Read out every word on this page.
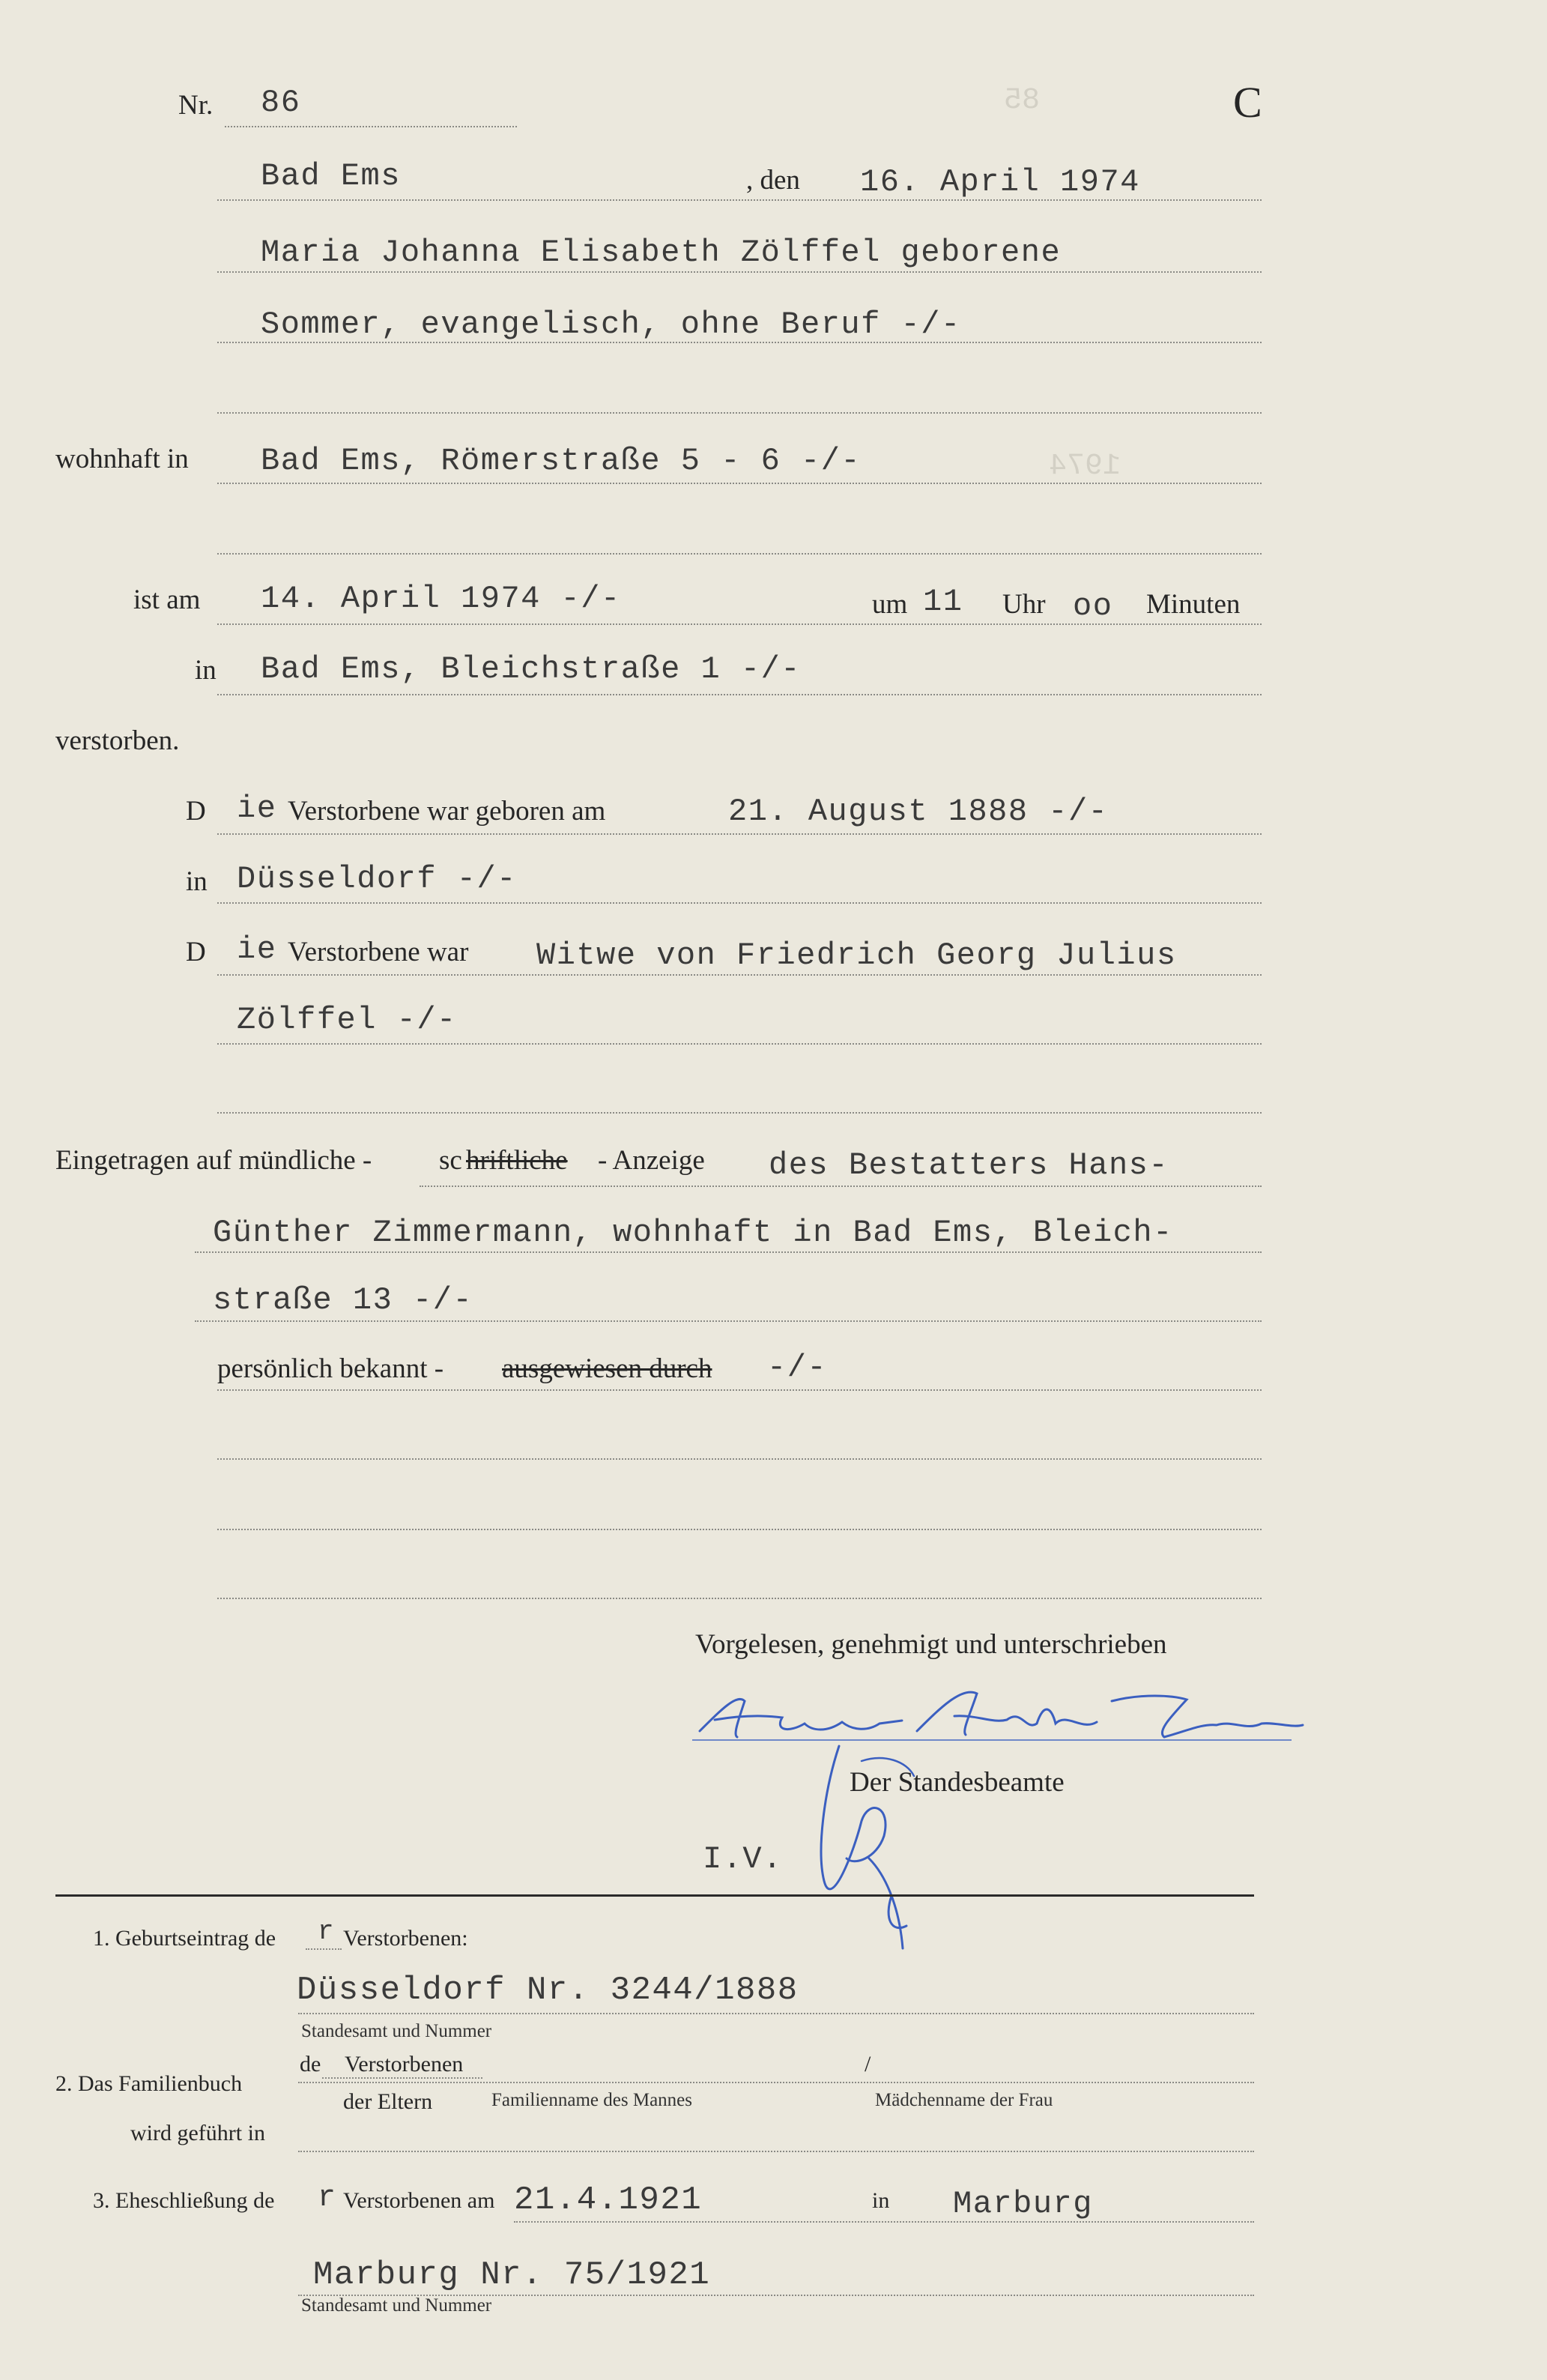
85
1974
Nr. 86	C
Bad Ems	, den 16. April 1974
Maria Johanna Elisabeth Zölffel geborene
Sommer, evangelisch, ohne Beruf -/-
wohnhaft in Bad Ems, Römerstraße 5 - 6 -/-
ist am 14. April 1974 -/-	um 11 Uhr oo Minuten
in Bad Ems, Bleichstraße 1 -/-
verstorben.
D ie Verstorbene war geboren am	21. August 1888 -/-
in Düsseldorf -/-
D ie Verstorbene war Witwe von Friedrich Georg Julius
Zölffel -/-
Eingetragen auf mündliche - sc hriftliche - Anzeige des Bestatters Hans-
Günther Zimmermann, wohnhaft in Bad Ems, Bleich-
straße 13 -/-
persönlich bekannt - ausgewiesen durch -/-
Vorgelesen, genehmigt und unterschrieben
Der Standesbeamte
I.V.
1. Geburtseintrag de r Verstorbenen:
Düsseldorf Nr. 3244/1888
Standesamt und Nummer
2. Das Familienbuch
de Verstorbenen	/
der Eltern	Familienname des Mannes	Mädchenname der Frau
wird geführt in
3. Eheschließung de r Verstorbenen am 21.4.1921	in Marburg
Marburg Nr. 75/1921
Standesamt und Nummer
